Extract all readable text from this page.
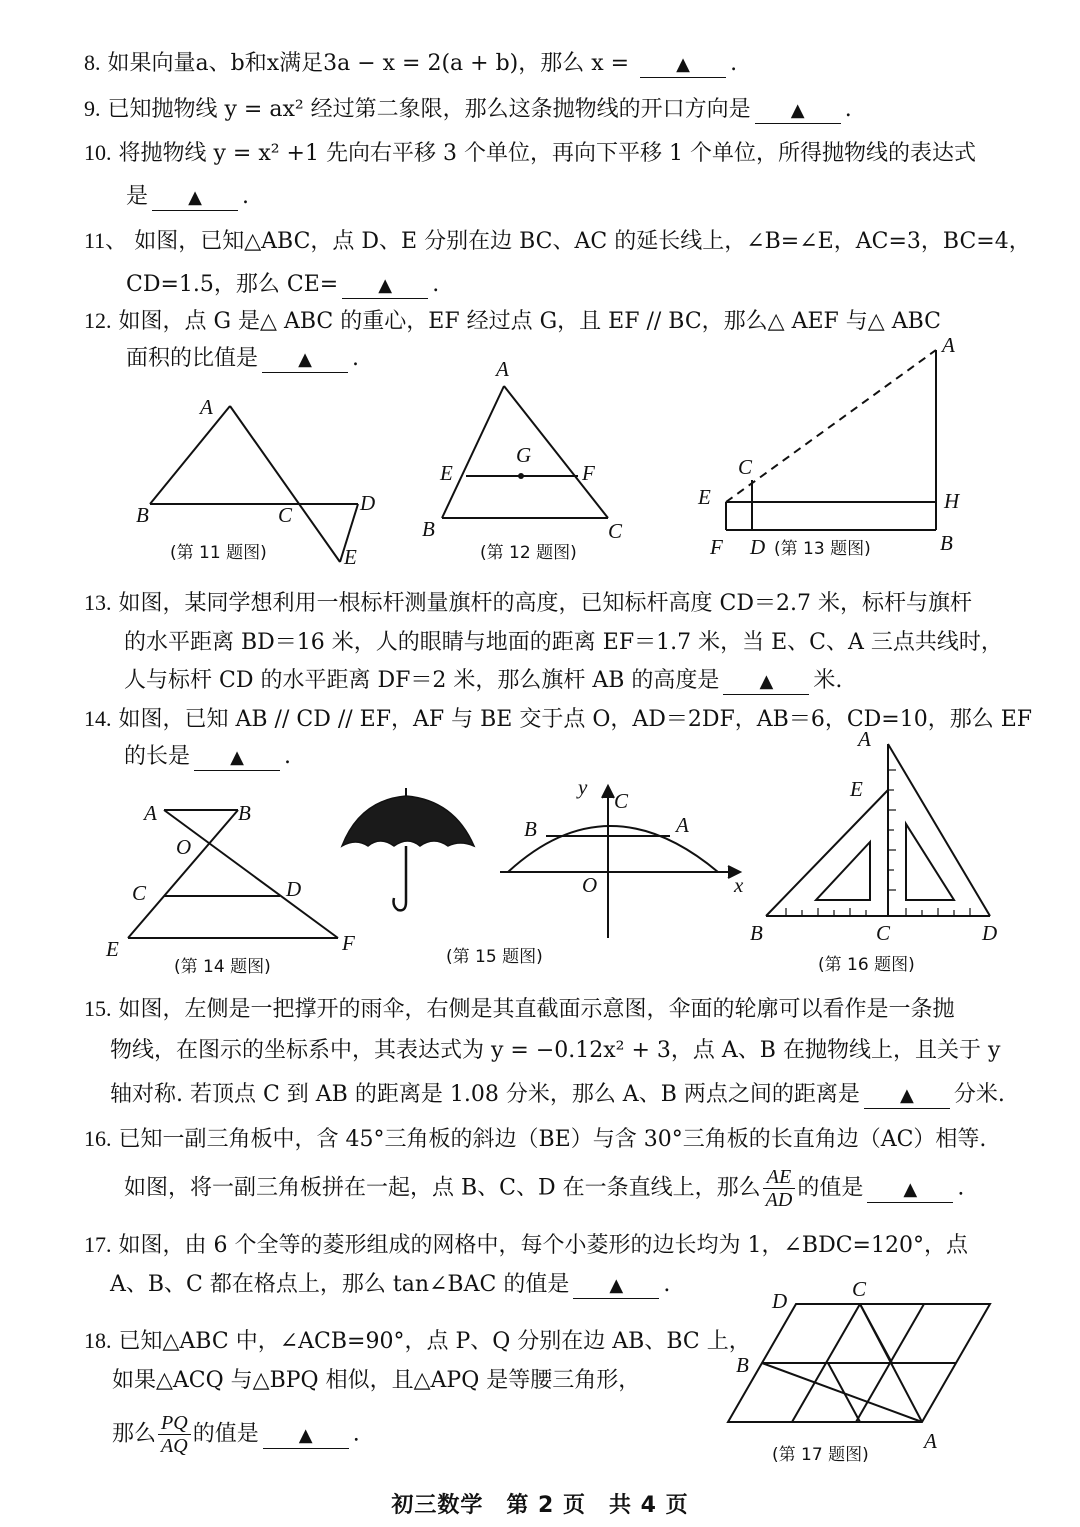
8. 如果向量a、b和x满足3a − x = 2(a + b)，那么 x = ▲ .
9. 已知抛物线 y = ax² 经过第二象限，那么这条抛物线的开口方向是 ▲ .
10. 将抛物线 y = x² +1 先向右平移 3 个单位，再向下平移 1 个单位，所得抛物线的表达式
是 ▲ .
11、 如图，已知△ABC，点 D、E 分别在边 BC、AC 的延长线上，∠B=∠E，AC=3，BC=4，
CD=1.5，那么 CE= ▲ .
12. 如图，点 G 是△ ABC 的重心，EF 经过点 G，且 EF // BC，那么△ AEF 与△ ABC
面积的比值是 ▲ .
A
B	C	D
E
(第 11 题图)
A
B	C
E	F
G
(第 12 题图)
A
B
C
D
E
F
H
(第 13 题图)
13. 如图，某同学想利用一根标杆测量旗杆的高度，已知标杆高度 CD＝2.7 米，标杆与旗杆
的水平距离 BD＝16 米，人的眼睛与地面的距离 EF＝1.7 米，当 E、C、A 三点共线时，
人与标杆 CD 的水平距离 DF＝2 米，那么旗杆 AB 的高度是 ▲ 米.
14. 如图，已知 AB // CD // EF，AF 与 BE 交于点 O，AD＝2DF，AB＝6，CD=10，那么 EF
的长是 ▲ .
A	B
C	D
E	F
O
(第 14 题图)
A
B
C
O	x
y
(第 15 题图)
A
B	C	D
E
(第 16 题图)
15. 如图，左侧是一把撑开的雨伞，右侧是其直截面示意图，伞面的轮廓可以看作是一条抛
物线，在图示的坐标系中，其表达式为 y = −0.12x² + 3，点 A、B 在抛物线上，且关于 y
轴对称. 若顶点 C 到 AB 的距离是 1.08 分米，那么 A、B 两点之间的距离是 ▲ 分米.
16. 已知一副三角板中，含 45°三角板的斜边（BE）与含 30°三角板的长直角边（AC）相等.
如图，将一副三角板拼在一起，点 B、C、D 在一条直线上，那么 $\frac{AE}{AD}$ 的值是 ▲ .
17. 如图，由 6 个全等的菱形组成的网格中，每个小菱形的边长均为 1，∠BDC=120°，点
A、B、C 都在格点上，那么 tan∠BAC 的值是 ▲ .
18. 已知△ABC 中，∠ACB=90°，点 P、Q 分别在边 AB、BC 上，
如果△ACQ 与△BPQ 相似，且△APQ 是等腰三角形，
那么 $\frac{PQ}{AQ}$ 的值是 ▲ .	A
B
C
D
(第 17 题图)
初三数学　第 2 页　共 4 页
